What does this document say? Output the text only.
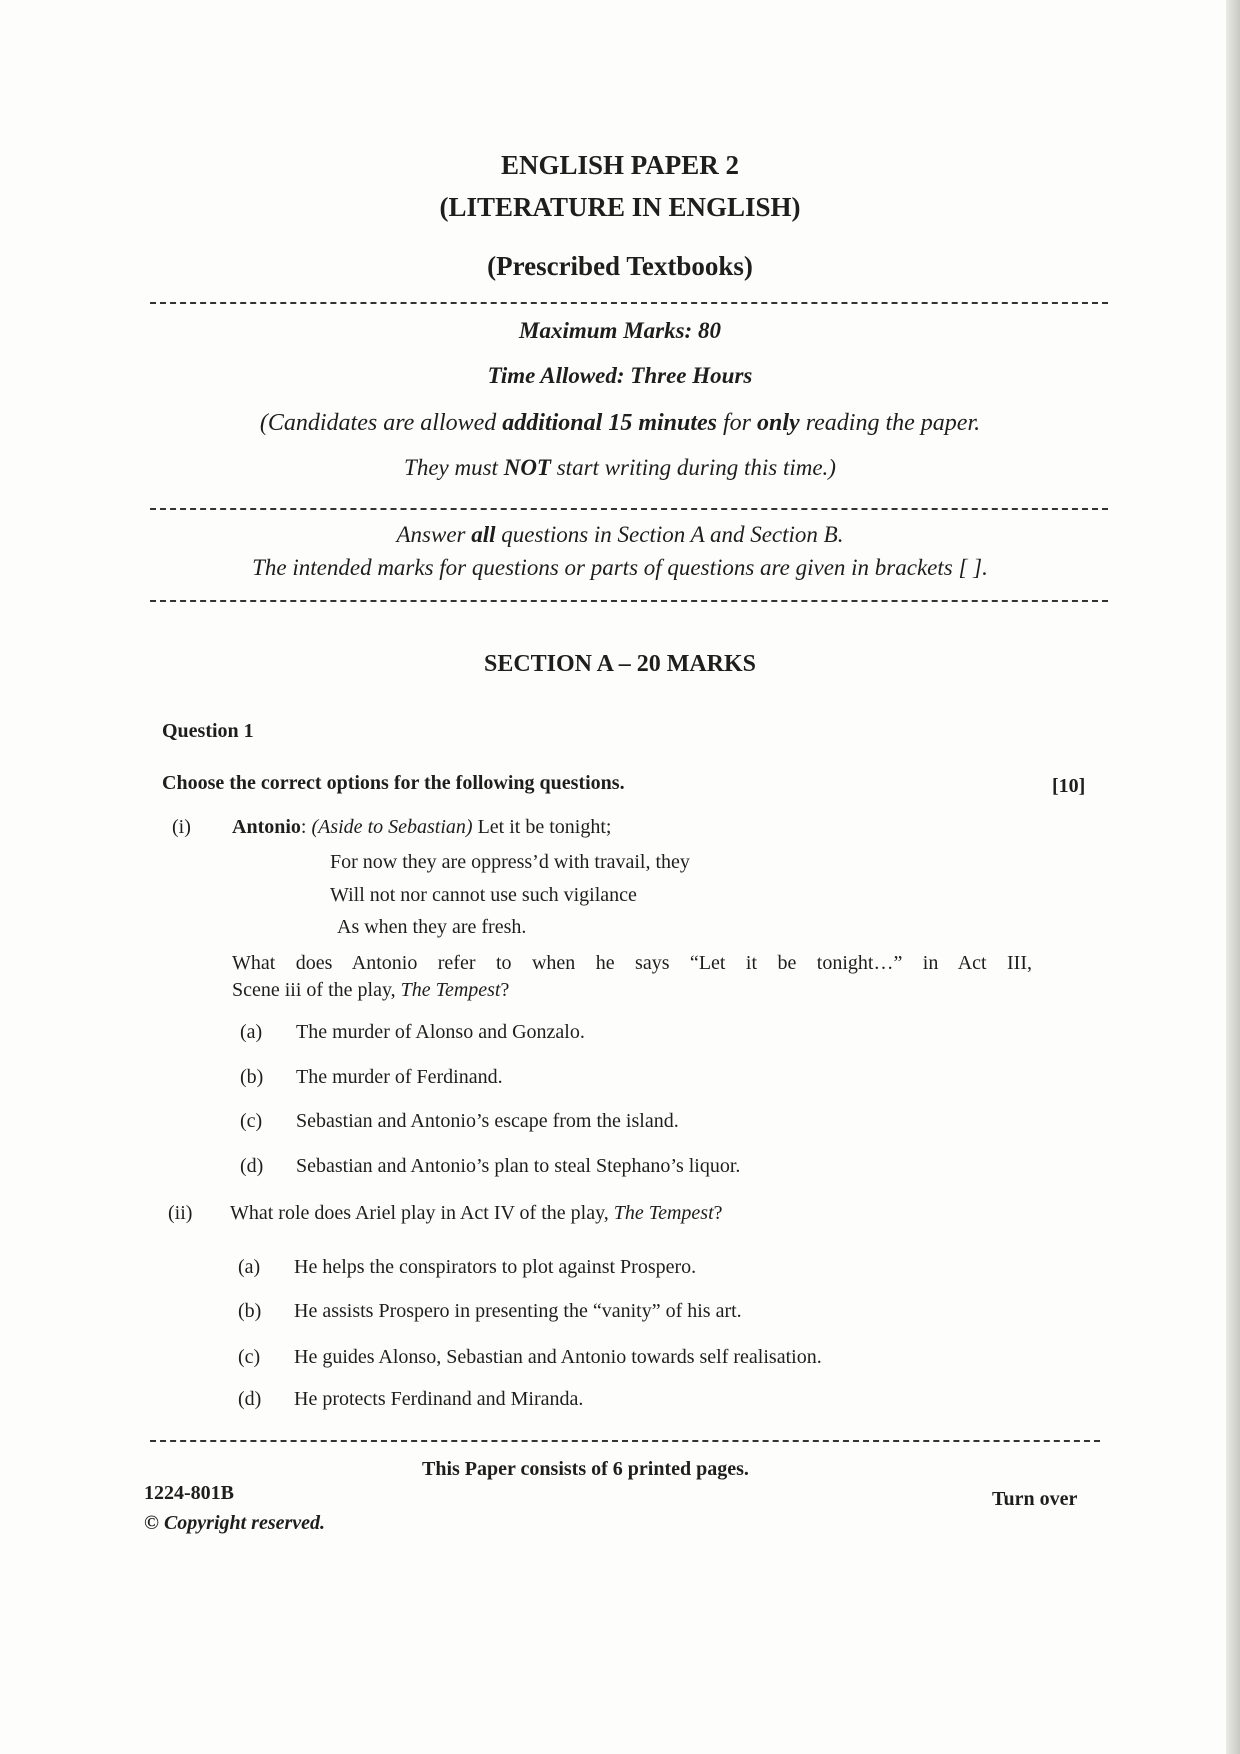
ENGLISH PAPER 2
(LITERATURE IN ENGLISH)
(Prescribed Textbooks)
Maximum Marks: 80
Time Allowed: Three Hours
(Candidates are allowed additional 15 minutes for only reading the paper.
They must NOT start writing during this time.)
Answer all questions in Section A and Section B.
The intended marks for questions or parts of questions are given in brackets [ ].
SECTION A – 20 MARKS
Question 1
Choose the correct options for the following questions.	[10]
(i) Antonio: (Aside to Sebastian) Let it be tonight;
For now they are oppress’d with travail, they
Will not nor cannot use such vigilance
As when they are fresh.
What does Antonio refer to when he says “Let it be tonight…” in Act III,
Scene iii of the play, The Tempest?
(a) The murder of Alonso and Gonzalo.
(b) The murder of Ferdinand.
(c) Sebastian and Antonio’s escape from the island.
(d) Sebastian and Antonio’s plan to steal Stephano’s liquor.
(ii) What role does Ariel play in Act IV of the play, The Tempest?
(a) He helps the conspirators to plot against Prospero.
(b) He assists Prospero in presenting the “vanity” of his art.
(c) He guides Alonso, Sebastian and Antonio towards self realisation.
(d) He protects Ferdinand and Miranda.
This Paper consists of 6 printed pages.
1224-801B	Turn over
© Copyright reserved.
